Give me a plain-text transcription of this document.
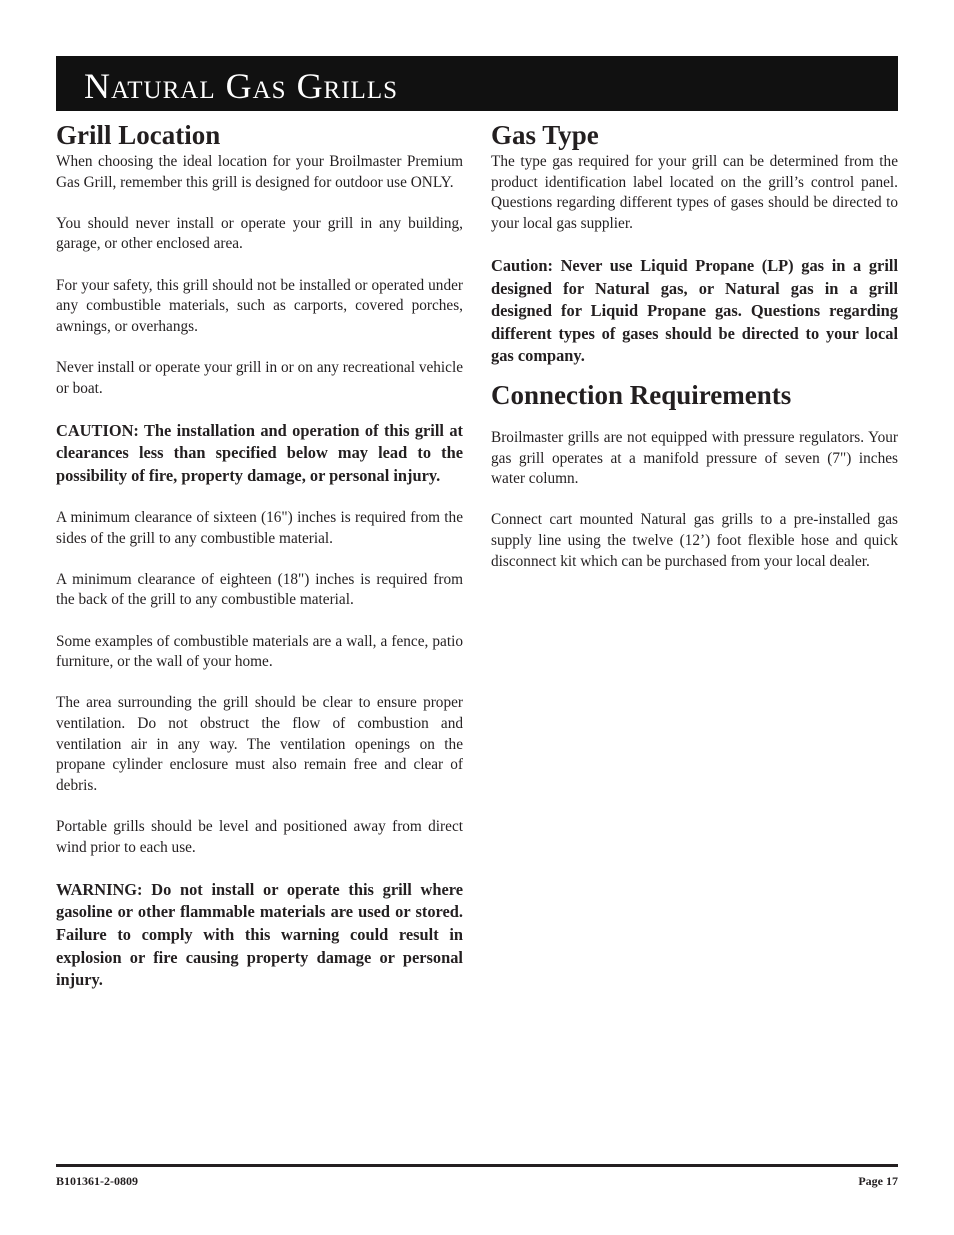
Natural Gas Grills
Grill Location

When choosing the ideal location for your Broilmaster Premium Gas Grill, remember this grill is designed for outdoor use ONLY.

You should never install or operate your grill in any building, garage, or other enclosed area.

For your safety, this grill should not be installed or operated under any combustible materials, such as carports, covered porches, awnings, or overhangs.

Never install or operate your grill in or on any recreational vehicle or boat.

CAUTION: The installation and operation of this grill at clearances less than specified below may lead to the possibility of fire, property damage, or personal injury.

A minimum clearance of sixteen (16") inches is required from the sides of the grill to any combustible material.

A minimum clearance of eighteen (18") inches is required from the back of the grill to any combustible material.

Some examples of combustible materials are a wall, a fence, patio furniture, or the wall of your home.

The area surrounding the grill should be clear to ensure proper ventilation. Do not obstruct the flow of combustion and ventilation air in any way. The ventilation openings on the propane cylinder enclosure must also remain free and clear of debris.

Portable grills should be level and positioned away from direct wind prior to each use.

WARNING: Do not install or operate this grill where gasoline or other flammable materials are used or stored. Failure to comply with this warning could result in explosion or fire causing property damage or personal injury.

Gas Type

The type gas required for your grill can be determined from the product identification label located on the grill’s control panel. Questions regarding different types of gases should be directed to your local gas supplier.

Caution: Never use Liquid Propane (LP) gas in a grill designed for Natural gas, or Natural gas in a grill designed for Liquid Propane gas. Questions regarding different types of gases should be directed to your local gas company.

Connection Requirements

Broilmaster grills are not equipped with pressure regulators. Your gas grill operates at a manifold pressure of seven (7") inches water column.

Connect cart mounted Natural gas grills to a pre-installed gas supply line using the twelve (12’) foot flexible hose and quick disconnect kit which can be purchased from your local dealer.

B101361-2-0809	Page 17
